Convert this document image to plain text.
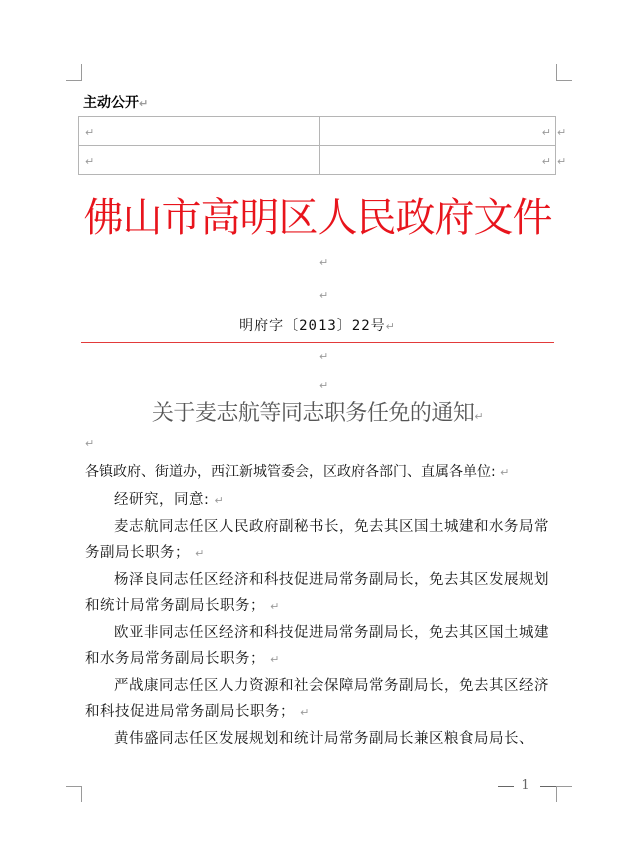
主动公开↵
↵	↵

↵	↵
↵
↵
佛山市高明区人民政府文件
↵
↵
明府字〔2013〕22号↵
↵
↵
关于麦志航等同志职务任免的通知↵
↵
各镇政府、街道办，西江新城管委会，区政府各部门、直属各单位: ↵

经研究，同意: ↵

麦志航同志任区人民政府副秘书长，免去其区国土城建和水务局常务副局长职务； ↵

杨泽良同志任区经济和科技促进局常务副局长，免去其区发展规划和统计局常务副局长职务； ↵

欧亚非同志任区经济和科技促进局常务副局长，免去其区国土城建和水务局常务副局长职务； ↵

严战康同志任区人力资源和社会保障局常务副局长，免去其区经济和科技促进局常务副局长职务； ↵

黄伟盛同志任区发展规划和统计局常务副局长兼区粮食局局长、

1
